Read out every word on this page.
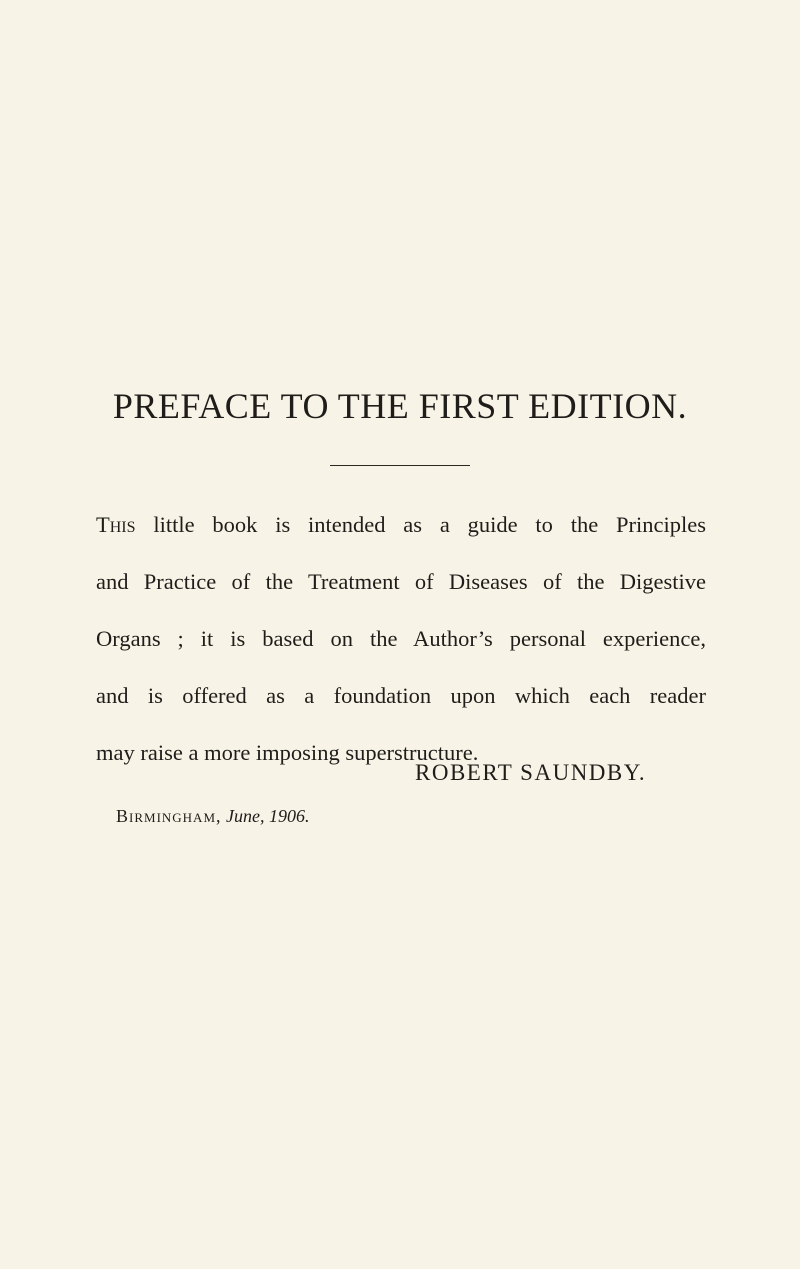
PREFACE TO THE FIRST EDITION.

This little book is intended as a guide to the Principles
and Practice of the Treatment of Diseases of the Digestive
Organs ; it is based on the Author’s personal experience,
and is offered as a foundation upon which each reader
may raise a more imposing superstructure.

ROBERT SAUNDBY.

Birmingham, June, 1906.
